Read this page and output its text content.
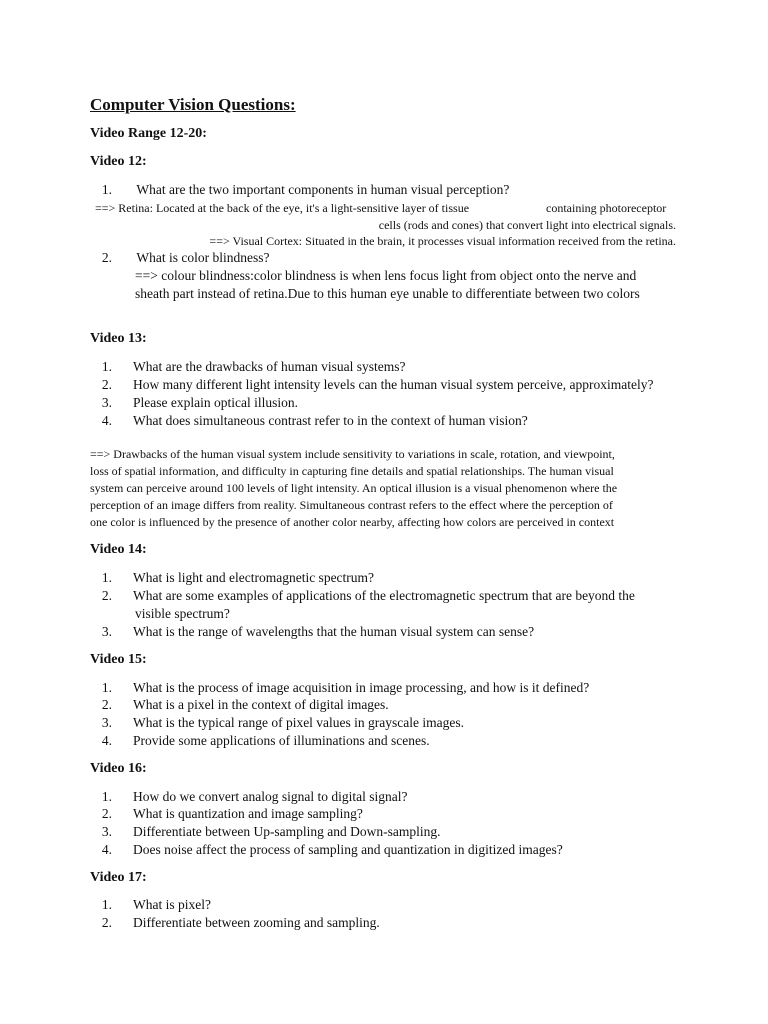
Computer Vision Questions:
Video Range 12-20:
Video 12:
1. What are the two important components in human visual perception?
==> Retina: Located at the back of the eye, it's a light-sensitive layer of tissue	containing photoreceptor
cells (rods and cones) that convert light into electrical signals.
==> Visual Cortex: Situated in the brain, it processes visual information received from the retina.
2. What is color blindness?
==> colour blindness:color blindness is when lens focus light from object onto the nerve and
sheath part instead of retina.Due to this human eye unable to differentiate between two colors
Video 13:
1. What are the drawbacks of human visual systems?
2. How many different light intensity levels can the human visual system perceive, approximately?
3. Please explain optical illusion.
4. What does simultaneous contrast refer to in the context of human vision?
==> Drawbacks of the human visual system include sensitivity to variations in scale, rotation, and viewpoint,
loss of spatial information, and difficulty in capturing fine details and spatial relationships. The human visual
system can perceive around 100 levels of light intensity. An optical illusion is a visual phenomenon where the
perception of an image differs from reality. Simultaneous contrast refers to the effect where the perception of
one color is influenced by the presence of another color nearby, affecting how colors are perceived in context
Video 14:
1. What is light and electromagnetic spectrum?
2. What are some examples of applications of the electromagnetic spectrum that are beyond the
visible spectrum?
3. What is the range of wavelengths that the human visual system can sense?
Video 15:
1. What is the process of image acquisition in image processing, and how is it defined?
2. What is a pixel in the context of digital images.
3. What is the typical range of pixel values in grayscale images.
4. Provide some applications of illuminations and scenes.
Video 16:
1. How do we convert analog signal to digital signal?
2. What is quantization and image sampling?
3. Differentiate between Up-sampling and Down-sampling.
4. Does noise affect the process of sampling and quantization in digitized images?
Video 17:
1. What is pixel?
2. Differentiate between zooming and sampling.
